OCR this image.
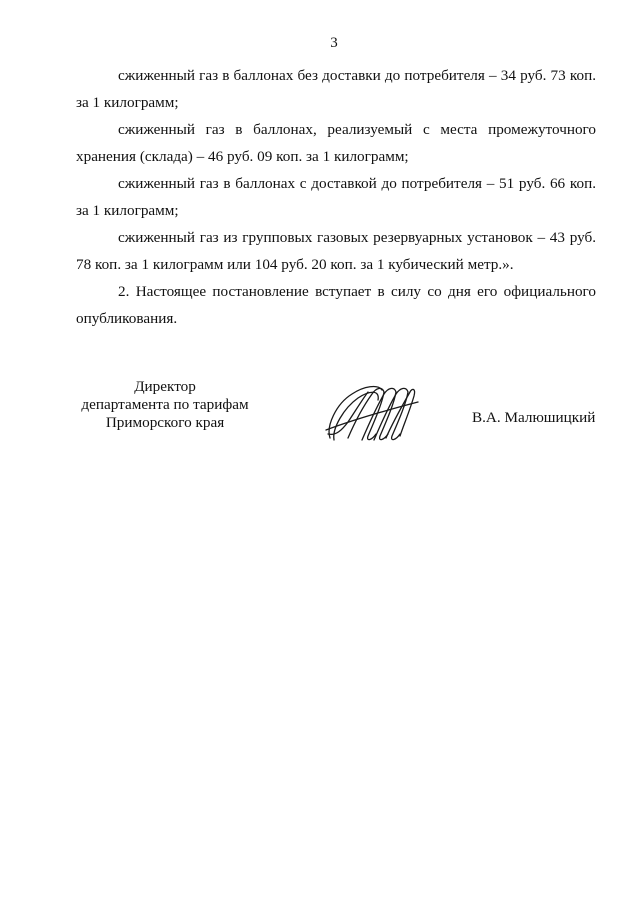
3

сжиженный газ в баллонах без доставки до потребителя – 34 руб. 73 коп. за 1 килограмм;

сжиженный газ в баллонах, реализуемый с места промежуточного хранения (склада) – 46 руб. 09 коп. за 1 килограмм;

сжиженный газ в баллонах с доставкой до потребителя – 51 руб. 66 коп. за 1 килограмм;

сжиженный газ из групповых газовых резервуарных установок – 43 руб. 78 коп. за 1 килограмм или 104 руб. 20 коп. за 1 кубический метр.».

2. Настоящее постановление вступает в силу со дня его официального опубликования.

Директор
департамента по тарифам
Приморского края	В.А. Малюшицкий
